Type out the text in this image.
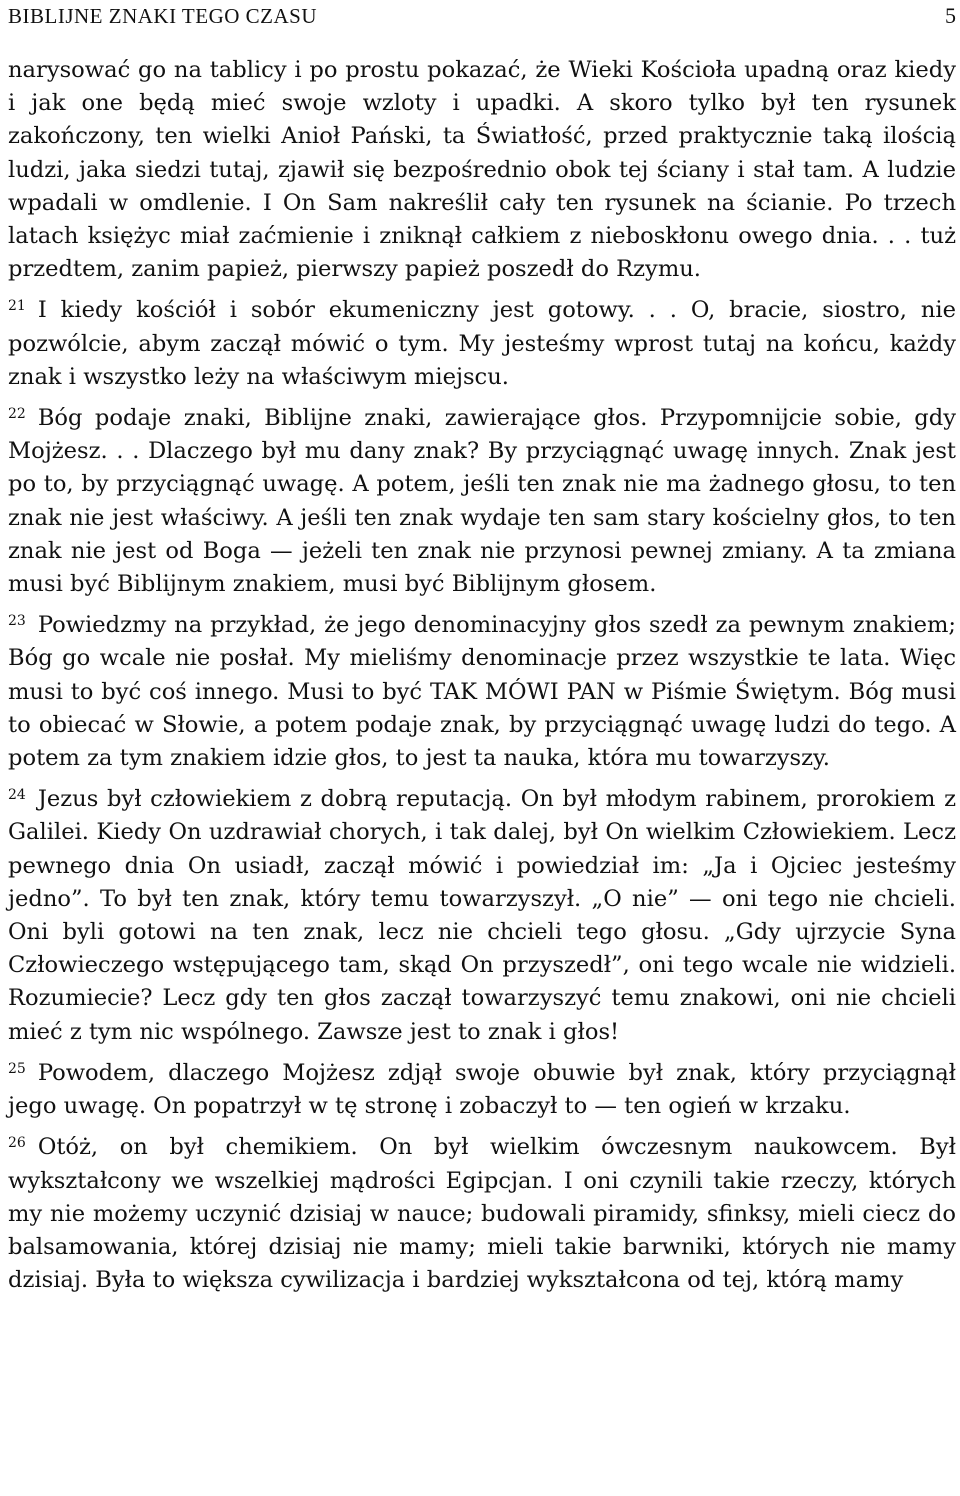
BIBLIJNE ZNAKI TEGO CZASU	5

narysować go na tablicy i po prostu pokazać, że Wieki Kościoła upadną oraz kiedy i jak one będą mieć swoje wzloty i upadki. A skoro tylko był ten rysunek zakończony, ten wielki Anioł Pański, ta Światłość, przed praktycznie taką ilością ludzi, jaka siedzi tutaj, zjawił się bezpośrednio obok tej ściany i stał tam. A ludzie wpadali w omdlenie. I On Sam nakreślił cały ten rysunek na ścianie. Po trzech latach księżyc miał zaćmienie i zniknął całkiem z nieboskłonu owego dnia. . . tuż przedtem, zanim papież, pierwszy papież poszedł do Rzymu.

$^{21}$ I kiedy kościół i sobór ekumeniczny jest gotowy. . . O, bracie, siostro, nie pozwólcie, abym zaczął mówić o tym. My jesteśmy wprost tutaj na końcu, każdy znak i wszystko leży na właściwym miejscu.

$^{22}$ Bóg podaje znaki, Biblijne znaki, zawierające głos. Przypomnijcie sobie, gdy Mojżesz. . . Dlaczego był mu dany znak? By przyciągnąć uwagę innych. Znak jest po to, by przyciągnąć uwagę. A potem, jeśli ten znak nie ma żadnego głosu, to ten znak nie jest właściwy. A jeśli ten znak wydaje ten sam stary kościelny głos, to ten znak nie jest od Boga — jeżeli ten znak nie przynosi pewnej zmiany. A ta zmiana musi być Biblijnym znakiem, musi być Biblijnym głosem.

$^{23}$ Powiedzmy na przykład, że jego denominacyjny głos szedł za pewnym znakiem; Bóg go wcale nie posłał. My mieliśmy denominacje przez wszystkie te lata. Więc musi to być coś innego. Musi to być TAK MÓWI PAN w Piśmie Świętym. Bóg musi to obiecać w Słowie, a potem podaje znak, by przyciągnąć uwagę ludzi do tego. A potem za tym znakiem idzie głos, to jest ta nauka, która mu towarzyszy.

$^{24}$ Jezus był człowiekiem z dobrą reputacją. On był młodym rabinem, prorokiem z Galilei. Kiedy On uzdrawiał chorych, i tak dalej, był On wielkim Człowiekiem. Lecz pewnego dnia On usiadł, zaczął mówić i powiedział im: „Ja i Ojciec jesteśmy jedno”. To był ten znak, który temu towarzyszył. „O nie” — oni tego nie chcieli. Oni byli gotowi na ten znak, lecz nie chcieli tego głosu. „Gdy ujrzycie Syna Człowieczego wstępującego tam, skąd On przyszedł”, oni tego wcale nie widzieli. Rozumiecie? Lecz gdy ten głos zaczął towarzyszyć temu znakowi, oni nie chcieli mieć z tym nic wspólnego. Zawsze jest to znak i głos!

$^{25}$ Powodem, dlaczego Mojżesz zdjął swoje obuwie był znak, który przyciągnął jego uwagę. On popatrzył w tę stronę i zobaczył to — ten ogień w krzaku.

$^{26}$ Otóż, on był chemikiem. On był wielkim ówczesnym naukowcem. Był wykształcony we wszelkiej mądrości Egipcjan. I oni czynili takie rzeczy, których my nie możemy uczynić dzisiaj w nauce; budowali piramidy, sfinksy, mieli ciecz do balsamowania, której dzisiaj nie mamy; mieli takie barwniki, których nie mamy dzisiaj. Była to większa cywilizacja i bardziej wykształcona od tej, którą mamy
